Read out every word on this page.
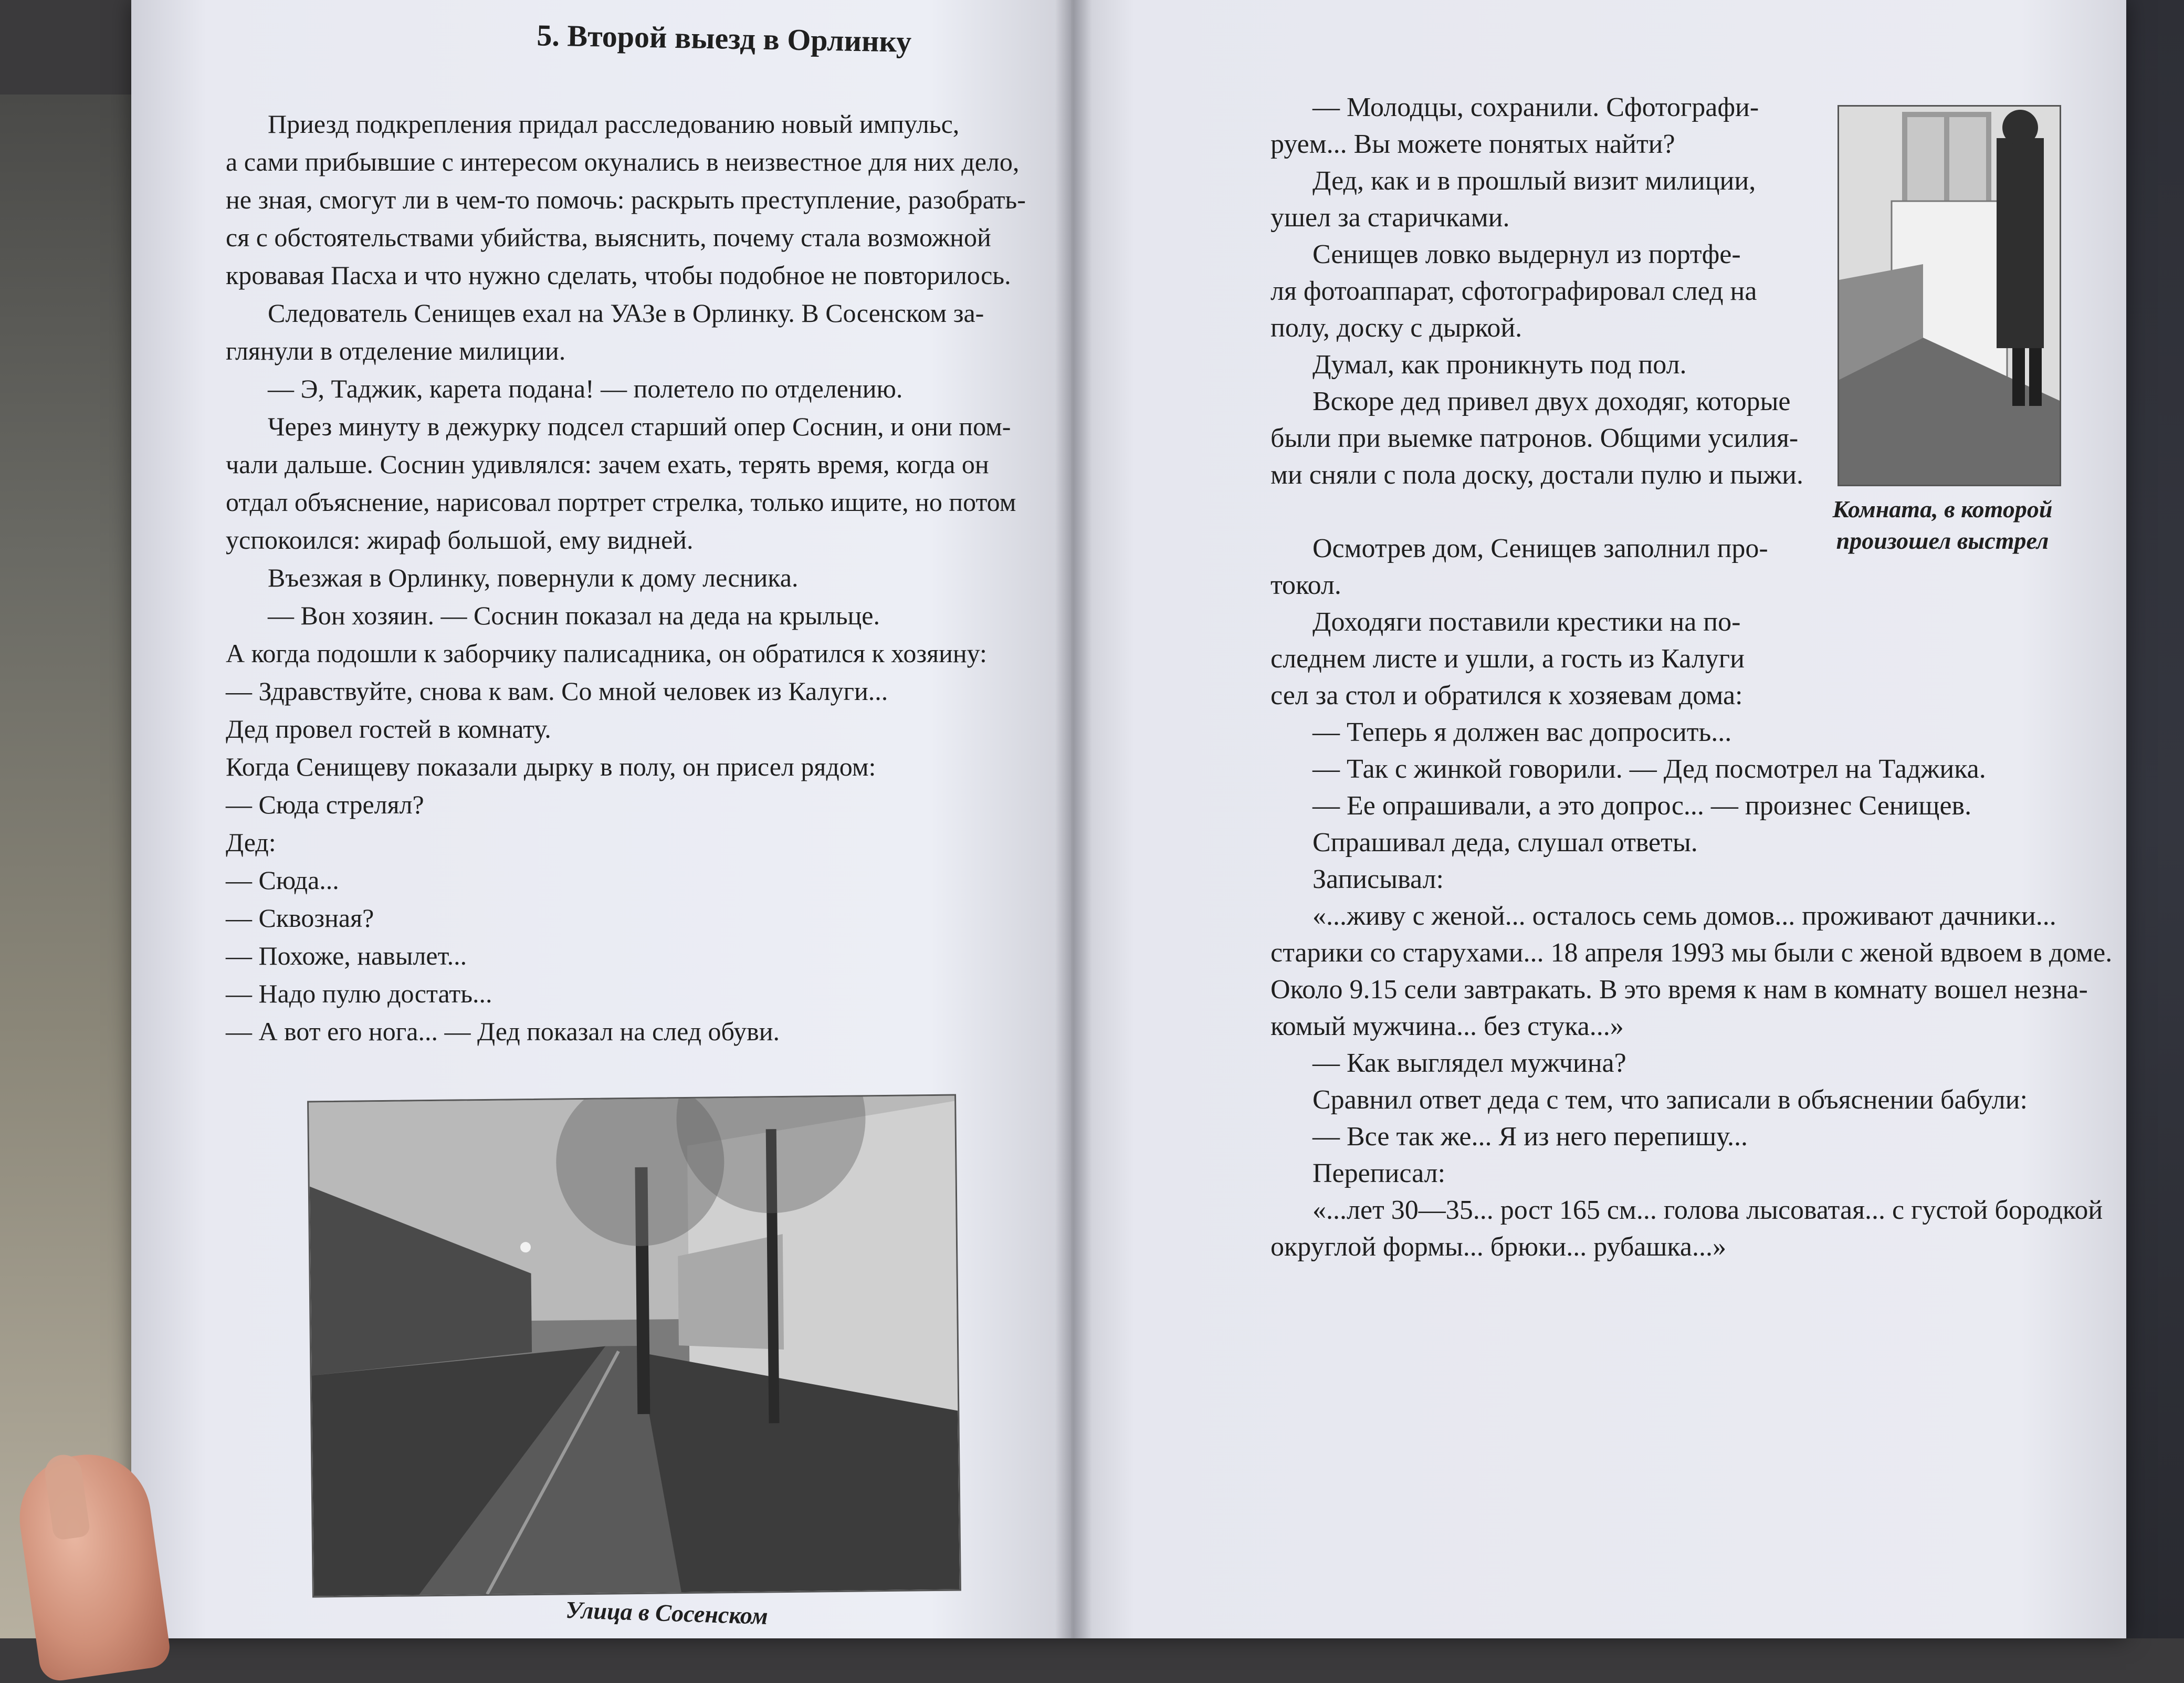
5. Второй выезд в Орлинку

Приезд подкрепления придал расследованию новый импульс,

а сами прибывшие с интересом окунались в неизвестное для них дело,

не зная, смогут ли в чем-то помочь: раскрыть преступление, разобрать-

ся с обстоятельствами убийства, выяснить, почему стала возможной

кровавая Пасха и что нужно сделать, чтобы подобное не повторилось.

Следователь Сенищев ехал на УАЗе в Орлинку. В Сосенском за-

глянули в отделение милиции.

— Э, Таджик, карета подана! — полетело по отделению.

Через минуту в дежурку подсел старший опер Соснин, и они пом-

чали дальше. Соснин удивлялся: зачем ехать, терять время, когда он

отдал объяснение, нарисовал портрет стрелка, только ищите, но потом

успокоился: жираф большой, ему видней.

Въезжая в Орлинку, повернули к дому лесника.

— Вон хозяин. — Соснин показал на деда на крыльце.

А когда подошли к заборчику палисадника, он обратился к хозяину:

— Здравствуйте, снова к вам. Со мной человек из Калуги...

Дед провел гостей в комнату.

Когда Сенищеву показали дырку в полу, он присел рядом:

— Сюда стрелял?

Дед:

— Сюда...

— Сквозная?

— Похоже, навылет...

— Надо пулю достать...

— А вот его нога... — Дед показал на след обуви.

Улица в Сосенском

— Молодцы, сохранили. Сфотографи-

руем... Вы можете понятых найти?

Дед, как и в прошлый визит милиции,

ушел за старичками.

Сенищев ловко выдернул из портфе-

ля фотоаппарат, сфотографировал след на

полу, доску с дыркой.

Думал, как проникнуть под пол.

Вскоре дед привел двух доходяг, которые

были при выемке патронов. Общими усилия-

ми сняли с пола доску, достали пулю и пыжи.

Осмотрев дом, Сенищев заполнил про-

токол.

Доходяги поставили крестики на по-

следнем листе и ушли, а гость из Калуги

сел за стол и обратился к хозяевам дома:

— Теперь я должен вас допросить...

— Так с жинкой говорили. — Дед посмотрел на Таджика.

— Ее опрашивали, а это допрос... — произнес Сенищев.

Спрашивал деда, слушал ответы.

Записывал:

«...живу с женой... осталось семь домов... проживают дачники...

старики со старухами... 18 апреля 1993 мы были с женой вдвоем в доме.

Около 9.15 сели завтракать. В это время к нам в комнату вошел незна-

комый мужчина... без стука...»

— Как выглядел мужчина?

Сравнил ответ деда с тем, что записали в объяснении бабули:

— Все так же... Я из него перепишу...

Переписал:

«...лет 30—35... рост 165 см... голова лысоватая... с густой бородкой

округлой формы... брюки... рубашка...»

Комната, в которой произошел выстрел
